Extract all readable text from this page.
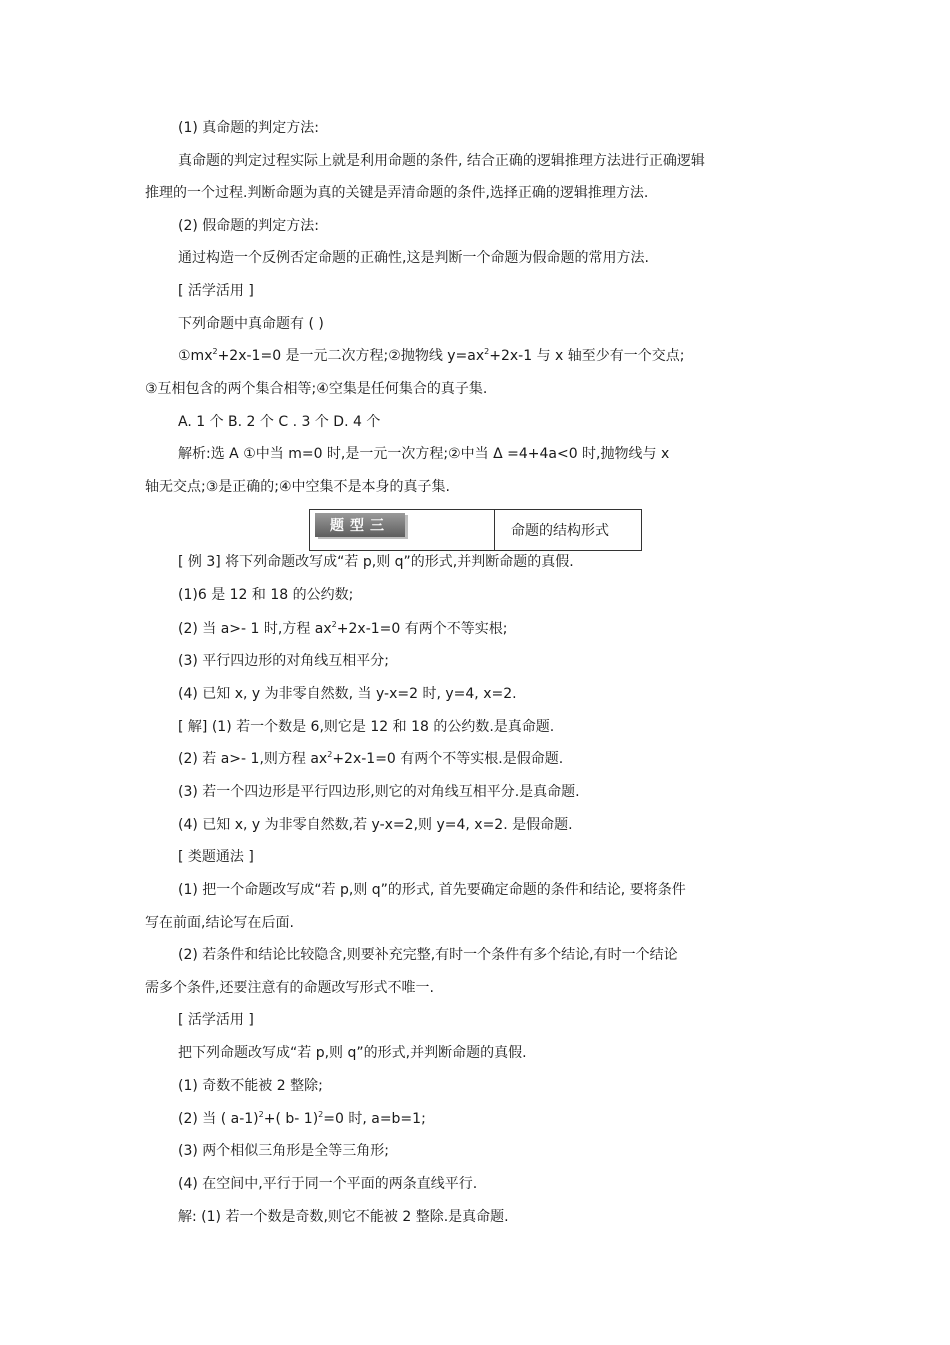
(1) 真命题的判定方法:
真命题的判定过程实际上就是利用命题的条件, 结合正确的逻辑推理方法进行正确逻辑
推理的一个过程.判断命题为真的关键是弄清命题的条件,选择正确的逻辑推理方法.
(2) 假命题的判定方法:
通过构造一个反例否定命题的正确性,这是判断一个命题为假命题的常用方法.
[ 活学活用 ]
下列命题中真命题有 ( )
$①mx^2+2x-1=0$ 是一元二次方程;②抛物线 $y=ax^2+2x-1$ 与 x 轴至少有一个交点;
③互相包含的两个集合相等;④空集是任何集合的真子集.
A. 1 个 B. 2 个 C . 3 个 D. 4 个
解析:选 A ①中当 m=0 时,是一元一次方程;②中当 Δ =4+4a<0 时,抛物线与 x
轴无交点;③是正确的;④中空集不是本身的真子集.
题型三	命题的结构形式
[ 例 3] 将下列命题改写成“若 p,则 q”的形式,并判断命题的真假.
(1)6 是 12 和 18 的公约数;
(2) 当 a>- 1 时,方程 $ax^2+2x-1=0$ 有两个不等实根;
(3) 平行四边形的对角线互相平分;
(4) 已知 x, y 为非零自然数, 当 y-x=2 时, y=4, x=2.
[ 解] (1) 若一个数是 6,则它是 12 和 18 的公约数.是真命题.
(2) 若 a>- 1,则方程 $ax^2+2x-1=0$ 有两个不等实根.是假命题.
(3) 若一个四边形是平行四边形,则它的对角线互相平分.是真命题.
(4) 已知 x, y 为非零自然数,若 y-x=2,则 y=4, x=2. 是假命题.
[ 类题通法 ]
(1) 把一个命题改写成“若 p,则 q”的形式, 首先要确定命题的条件和结论, 要将条件
写在前面,结论写在后面.
(2) 若条件和结论比较隐含,则要补充完整,有时一个条件有多个结论,有时一个结论
需多个条件,还要注意有的命题改写形式不唯一.
[ 活学活用 ]
把下列命题改写成“若 p,则 q”的形式,并判断命题的真假.
(1) 奇数不能被 2 整除;
(2) 当 ( a-1)$^2$+( b- 1)$^2$=0 时, a=b=1;
(3) 两个相似三角形是全等三角形;
(4) 在空间中,平行于同一个平面的两条直线平行.
解: (1) 若一个数是奇数,则它不能被 2 整除.是真命题.
